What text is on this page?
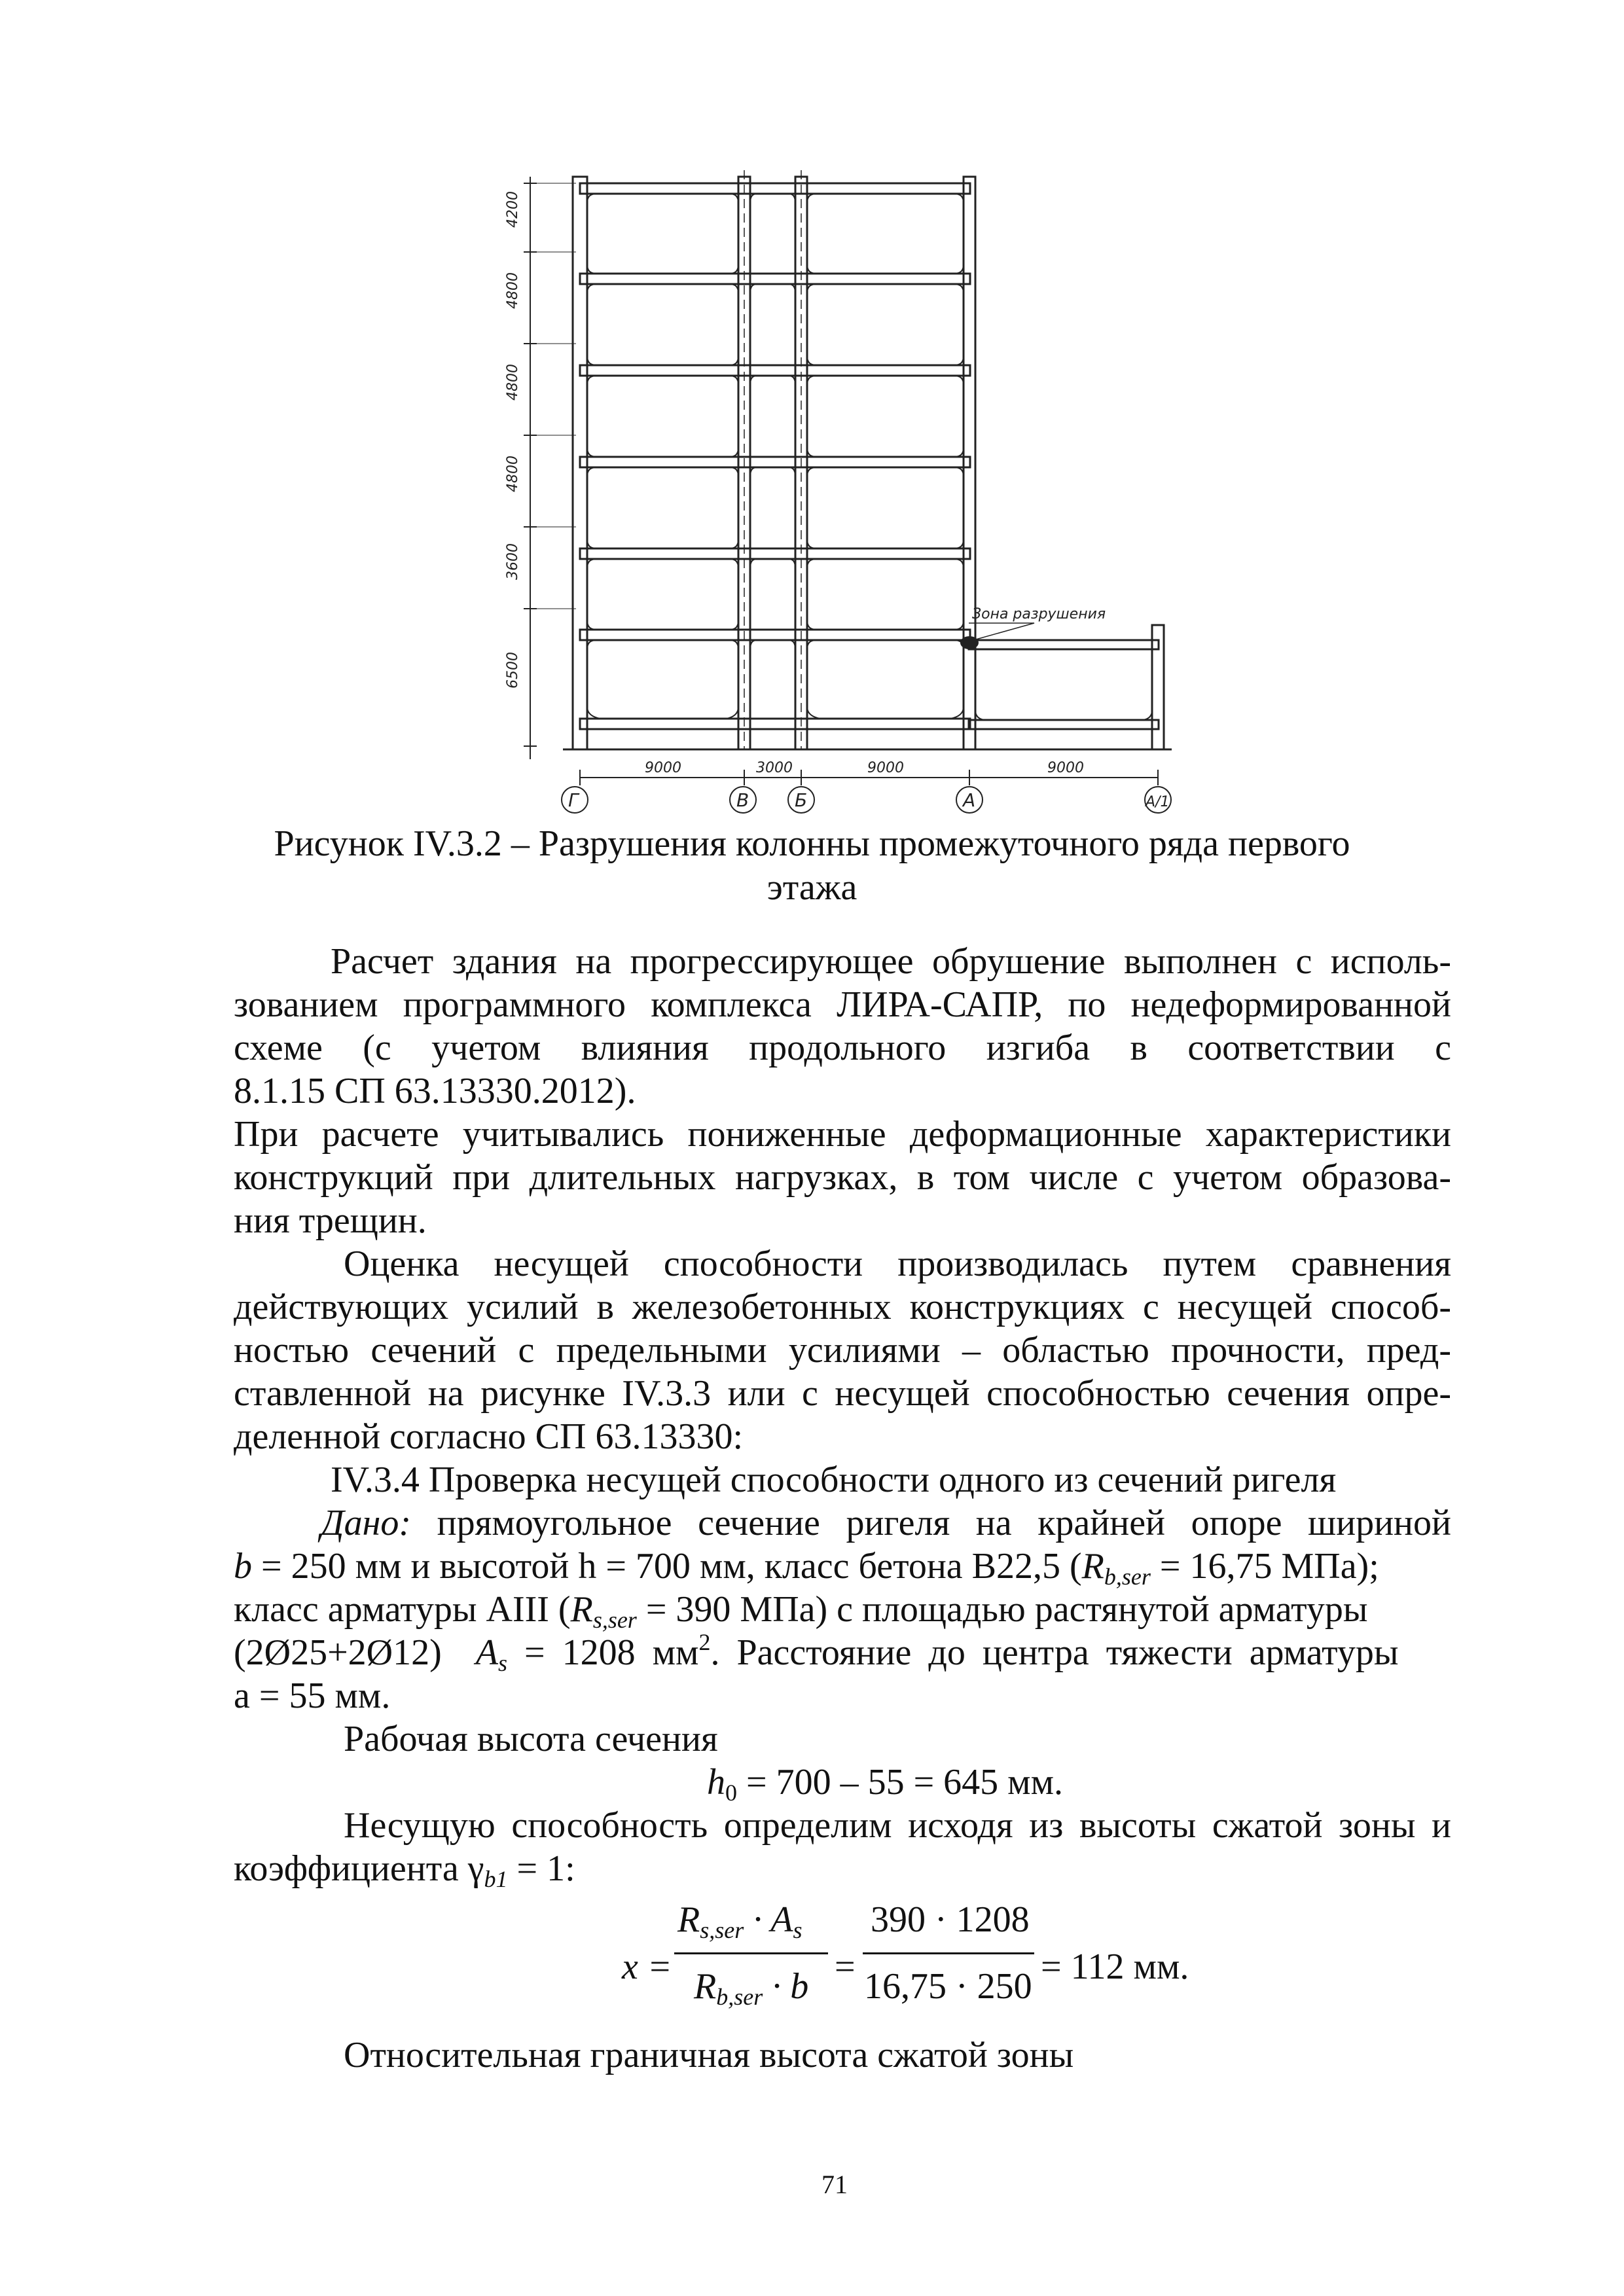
4200
4800
4800
4800
3600
6500
9000	3000	9000	9000
Зона разрушения
Г	В Б	А	А/1
Рисунок IV.3.2 – Разрушения колонны промежуточного ряда первого
этажа
Расчет здания на прогрессирующее обрушение выполнен с исполь-
зованием программного комплекса ЛИРА-САПР, по недеформированной
схеме (с учетом влияния продольного изгиба в соответствии с
8.1.15 СП 63.13330.2012).
При расчете учитывались пониженные деформационные характеристики
конструкций при длительных нагрузках, в том числе с учетом образова-
ния трещин.
Оценка несущей способности производилась путем сравнения
действующих усилий в железобетонных конструкциях с несущей способ-
ностью сечений с предельными усилиями – областью прочности, пред-
ставленной на рисунке IV.3.3 или с несущей способностью сечения опре-
деленной согласно СП 63.13330:
IV.3.4 Проверка несущей способности одного из сечений ригеля
Дано: прямоугольное сечение ригеля на крайней опоре шириной
b = 250 мм и высотой h = 700 мм, класс бетона B22,5 ($R_{b,ser} = 16,75$ МПа);
класс арматуры АIII ($R_{s,ser} = 390$ МПа) с площадью растянутой арматуры
(2Ø25+2Ø12) $A_s = 1208$ $мм^2$. Расстояние до центра тяжести арматуры
a = 55 мм.
Рабочая высота сечения
$h_0 = 700 - 55 = 645$ мм.
Несущую способность определим исходя из высоты сжатой зоны и
коэффициента $\gamma_{b1} = 1$:
x =
$R_{s,ser} \cdot A_s$
$R_{b,ser} \cdot b$ =
390 · 1208
16,75 · 250 = 112 мм.
Относительная граничная высота сжатой зоны
71
